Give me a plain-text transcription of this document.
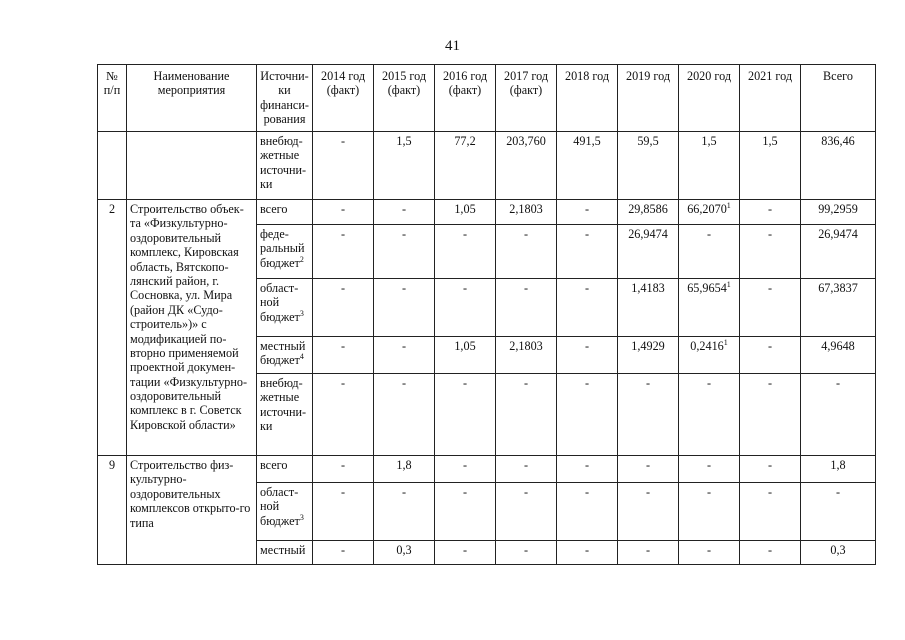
41
№ п/п	Наименование мероприятия	Источни-ки финанси-рования	2014 год (факт)	2015 год (факт)	2016 год (факт)	2017 год (факт)	2018 год	2019 год	2020 год	2021 год	Всего
		внебюд-жетные источни-ки	-	1,5	77,2	203,760	491,5	59,5	1,5	1,5	836,46
2	Строительство объек-та «Физкультурно-оздоровительный комплекс, Кировская область, Вятскопо-лянский район, г. Сосновка, ул. Мира (район ДК «Судо-строитель»)» с модификацией по-вторно применяемой проектной докумен-тации «Физкультурно-оздоровительный комплекс в г. Советск Кировской области»	всего	-	-	1,05	2,1803	-	29,8586	66,2070$^1$	-	99,2959
		феде-ральный бюджет$^2$	-	-	-	-	-	26,9474	-	-	26,9474
		област-ной бюджет$^3$	-	-	-	-	-	1,4183	65,9654$^1$	-	67,3837
		местный бюджет$^4$	-	-	1,05	2,1803	-	1,4929	0,2416$^1$	-	4,9648
		внебюд-жетные источни-ки	-	-	-	-	-	-	-	-	-
9	Строительство физ-культурно-оздоровительных комплексов открыто-го типа	всего	-	1,8	-	-	-	-	-	-	1,8
		област-ной бюджет$^3$	-	-	-	-	-	-	-	-	-
		местный	-	0,3	-	-	-	-	-	-	0,3
